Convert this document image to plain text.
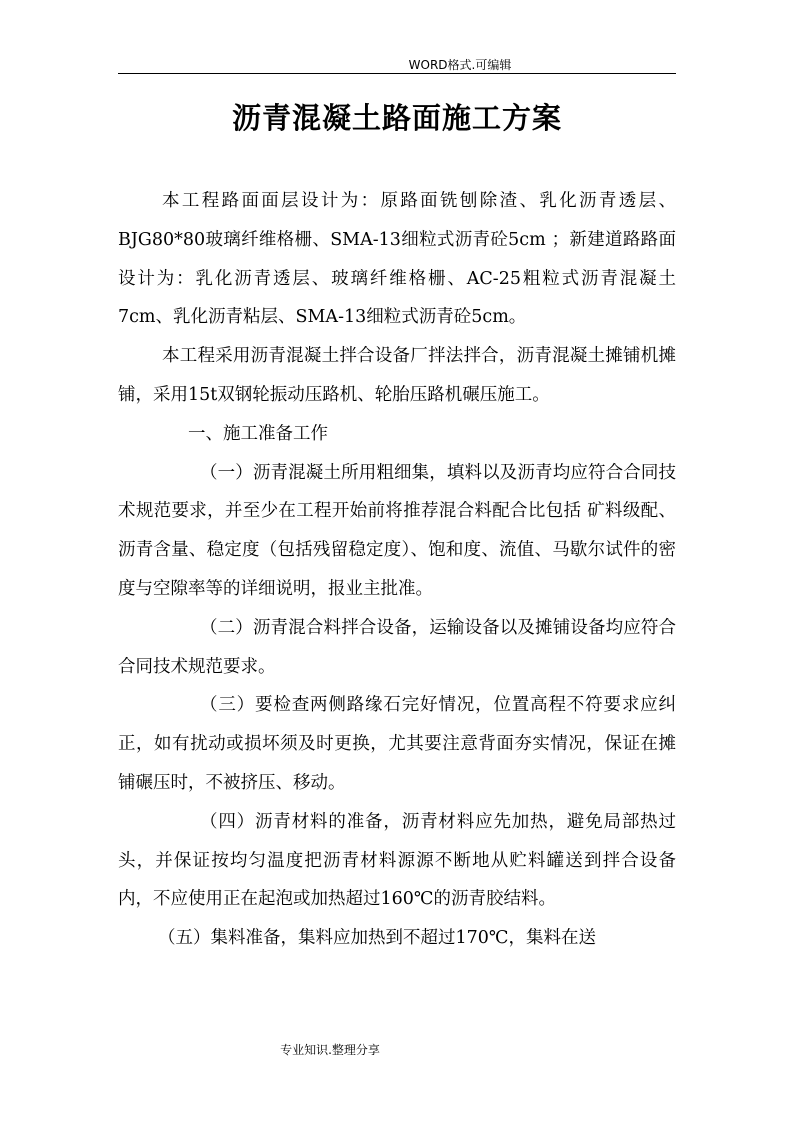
WORD格式.可编辑
沥青混凝土路面施工方案

本工程路面面层设计为：原路面铣刨除渣、乳化沥青透层、BJG80*80玻璃纤维格栅、SMA-13细粒式沥青砼5cm ；新建道路路面设计为：乳化沥青透层、玻璃纤维格栅、AC-25粗粒式沥青混凝土7cm、乳化沥青粘层、SMA-13细粒式沥青砼5cm。

本工程采用沥青混凝土拌合设备厂拌法拌合，沥青混凝土摊铺机摊铺，采用15t双钢轮振动压路机、轮胎压路机碾压施工。

一、施工准备工作

（一）沥青混凝土所用粗细集，填料以及沥青均应符合合同技术规范要求，并至少在工程开始前将推荐混合料配合比包括 矿料级配、沥青含量、稳定度（包括残留稳定度）、饱和度、流值、马歇尔试件的密度与空隙率等的详细说明，报业主批准。

（二）沥青混合料拌合设备，运输设备以及摊铺设备均应符合合同技术规范要求。

（三）要检查两侧路缘石完好情况，位置高程不符要求应纠正，如有扰动或损坏须及时更换，尤其要注意背面夯实情况，保证在摊铺碾压时，不被挤压、移动。

（四）沥青材料的准备，沥青材料应先加热，避免局部热过头，并保证按均匀温度把沥青材料源源不断地从贮料罐送到拌合设备内，不应使用正在起泡或加热超过160℃的沥青胶结料。

（五）集料准备，集料应加热到不超过170℃，集料在送

专业知识.整理分享
